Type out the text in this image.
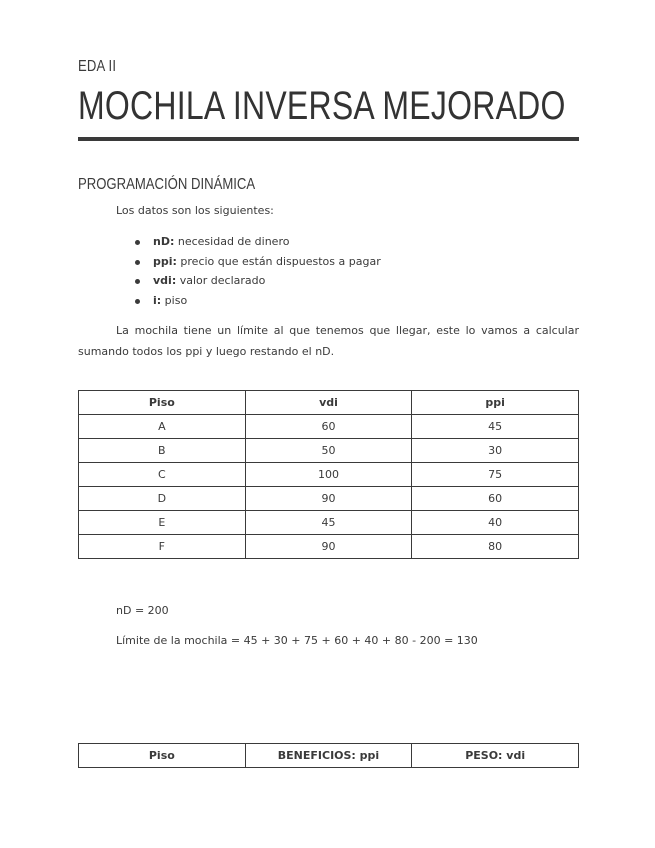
EDA II
MOCHILA INVERSA MEJORADO
PROGRAMACIÓN DINÁMICA
Los datos son los siguientes:
nD: necesidad de dinero
ppi: precio que están dispuestos a pagar
vdi: valor declarado
i: piso

La mochila tiene un límite al que tenemos que llegar, este lo vamos a calcular sumando todos los ppi y luego restando el nD.

Piso	vdi	ppi
A	60	45
B	50	30
C	100	75
D	90	60
E	45	40
F	90	80
nD = 200
Límite de la mochila = 45 + 30 + 75 + 60 + 40 + 80 - 200 = 130
Piso	BENEFICIOS: ppi	PESO: vdi
